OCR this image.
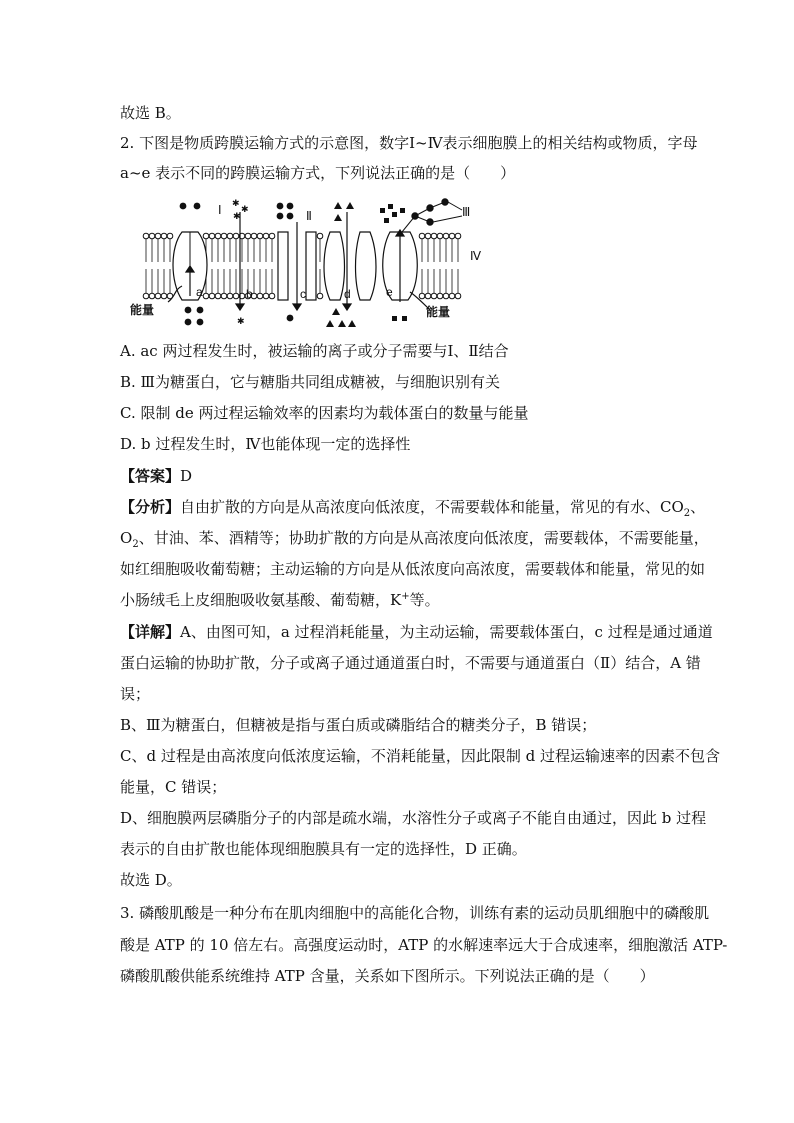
故选 B。
2. 下图是物质跨膜运输方式的示意图，数字Ⅰ~Ⅳ表示细胞膜上的相关结构或物质，字母
a~e 表示不同的跨膜运输方式，下列说法正确的是（　　）
✱
✱
✱
✱
Ⅰ	Ⅱ	Ⅲ
Ⅳ
a	b	c	d	e
能量	能量
A. ac 两过程发生时，被运输的离子或分子需要与Ⅰ、Ⅱ结合
B. Ⅲ为糖蛋白，它与糖脂共同组成糖被，与细胞识别有关
C. 限制 de 两过程运输效率的因素均为载体蛋白的数量与能量
D. b 过程发生时，Ⅳ也能体现一定的选择性
【答案】D
【分析】自由扩散的方向是从高浓度向低浓度，不需要载体和能量，常见的有水、$CO_2$、
$O_2$、甘油、苯、酒精等；协助扩散的方向是从高浓度向低浓度，需要载体，不需要能量，
如红细胞吸收葡萄糖；主动运输的方向是从低浓度向高浓度，需要载体和能量，常见的如
小肠绒毛上皮细胞吸收氨基酸、葡萄糖，K+等。
【详解】A、由图可知，a 过程消耗能量，为主动运输，需要载体蛋白，c 过程是通过通道
蛋白运输的协助扩散，分子或离子通过通道蛋白时，不需要与通道蛋白（Ⅱ）结合，A 错
误；
B、Ⅲ为糖蛋白，但糖被是指与蛋白质或磷脂结合的糖类分子，B 错误；
C、d 过程是由高浓度向低浓度运输，不消耗能量，因此限制 d 过程运输速率的因素不包含
能量，C 错误；
D、细胞膜两层磷脂分子的内部是疏水端，水溶性分子或离子不能自由通过，因此 b 过程
表示的自由扩散也能体现细胞膜具有一定的选择性，D 正确。
故选 D。
3. 磷酸肌酸是一种分布在肌肉细胞中的高能化合物，训练有素的运动员肌细胞中的磷酸肌
酸是 ATP 的 10 倍左右。高强度运动时，ATP 的水解速率远大于合成速率，细胞激活 ATP-
磷酸肌酸供能系统维持 ATP 含量，关系如下图所示。下列说法正确的是（　　）
